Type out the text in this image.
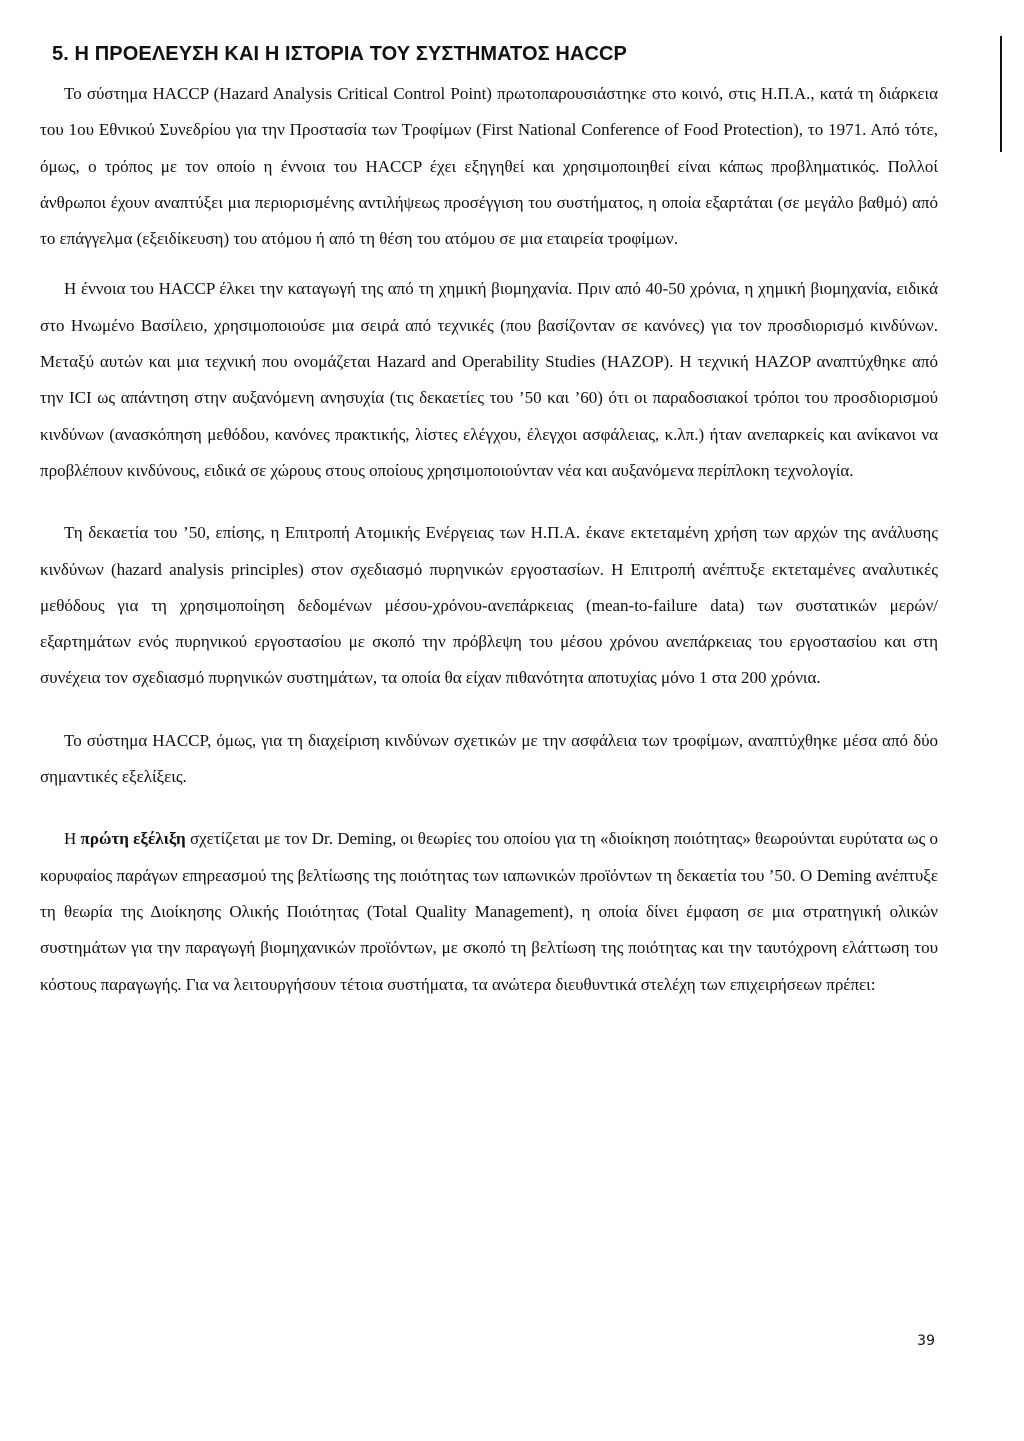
5. Η ΠΡΟΕΛΕΥΣΗ ΚΑΙ Η ΙΣΤΟΡΙΑ ΤΟΥ ΣΥΣΤΗΜΑΤΟΣ HACCP

Το σύστημα HACCP (Hazard Analysis Critical Control Point) πρωτοπαρουσιάστηκε στο κοινό, στις Η.Π.Α., κατά τη διάρκεια του 1ου Εθνικού Συνεδρίου για την Προστασία των Τροφίμων (First National Conference of Food Protection), το 1971. Από τότε, όμως, ο τρόπος με τον οποίο η έννοια του HACCP έχει εξηγηθεί και χρησιμοποιηθεί είναι κάπως προβληματικός. Πολλοί άνθρωποι έχουν αναπτύξει μια περιορισμένης αντιλήψεως προσέγγιση του συστήματος, η οποία εξαρτάται (σε μεγάλο βαθμό) από το επάγγελμα (εξειδίκευση) του ατόμου ή από τη θέση του ατόμου σε μια εταιρεία τροφίμων.

Η έννοια του HACCP έλκει την καταγωγή της από τη χημική βιομηχανία. Πριν από 40-50 χρόνια, η χημική βιομηχανία, ειδικά στο Ηνωμένο Βασίλειο, χρησιμοποιούσε μια σειρά από τεχνικές (που βασίζονταν σε κανόνες) για τον προσδιορισμό κινδύνων. Μεταξύ αυτών και μια τεχνική που ονομάζεται Hazard and Operability Studies (HAZOP). Η τεχνική HAZOP αναπτύχθηκε από την ICI ως απάντηση στην αυξανόμενη ανησυχία (τις δεκαετίες του ’50 και ’60) ότι οι παραδοσιακοί τρόποι του προσδιορισμού κινδύνων (ανασκόπηση μεθόδου, κανόνες πρακτικής, λίστες ελέγχου, έλεγχοι ασφάλειας, κ.λπ.) ήταν ανεπαρκείς και ανίκανοι να προβλέπουν κινδύνους, ειδικά σε χώρους στους οποίους χρησιμοποιούνταν νέα και αυξανόμενα περίπλοκη τεχνολογία.

Τη δεκαετία του ’50, επίσης, η Επιτροπή Ατομικής Ενέργειας των Η.Π.Α. έκανε εκτεταμένη χρήση των αρχών της ανάλυσης κινδύνων (hazard analysis principles) στον σχεδιασμό πυρηνικών εργοστασίων. Η Επιτροπή ανέπτυξε εκτεταμένες αναλυτικές μεθόδους για τη χρησιμοποίηση δεδομένων μέσου-χρόνου-ανεπάρκειας (mean-to-failure data) των συστατικών μερών/εξαρτημάτων ενός πυρηνικού εργοστασίου με σκοπό την πρόβλεψη του μέσου χρόνου ανεπάρκειας του εργοστασίου και στη συνέχεια τον σχεδιασμό πυρηνικών συστημάτων, τα οποία θα είχαν πιθανότητα αποτυχίας μόνο 1 στα 200 χρόνια.

Το σύστημα HACCP, όμως, για τη διαχείριση κινδύνων σχετικών με την ασφάλεια των τροφίμων, αναπτύχθηκε μέσα από δύο σημαντικές εξελίξεις.

Η πρώτη εξέλιξη σχετίζεται με τον Dr. Deming, οι θεωρίες του οποίου για τη «διοίκηση ποιότητας» θεωρούνται ευρύτατα ως ο κορυφαίος παράγων επηρεασμού της βελτίωσης της ποιότητας των ιαπωνικών προϊόντων τη δεκαετία του ’50. Ο Deming ανέπτυξε τη θεωρία της Διοίκησης Ολικής Ποιότητας (Total Quality Management), η οποία δίνει έμφαση σε μια στρατηγική ολικών συστημάτων για την παραγωγή βιομηχανικών προϊόντων, με σκοπό τη βελτίωση της ποιότητας και την ταυτόχρονη ελάττωση του κόστους παραγωγής. Για να λειτουργήσουν τέτοια συστήματα, τα ανώτερα διευθυντικά στελέχη των επιχειρήσεων πρέπει:

39
